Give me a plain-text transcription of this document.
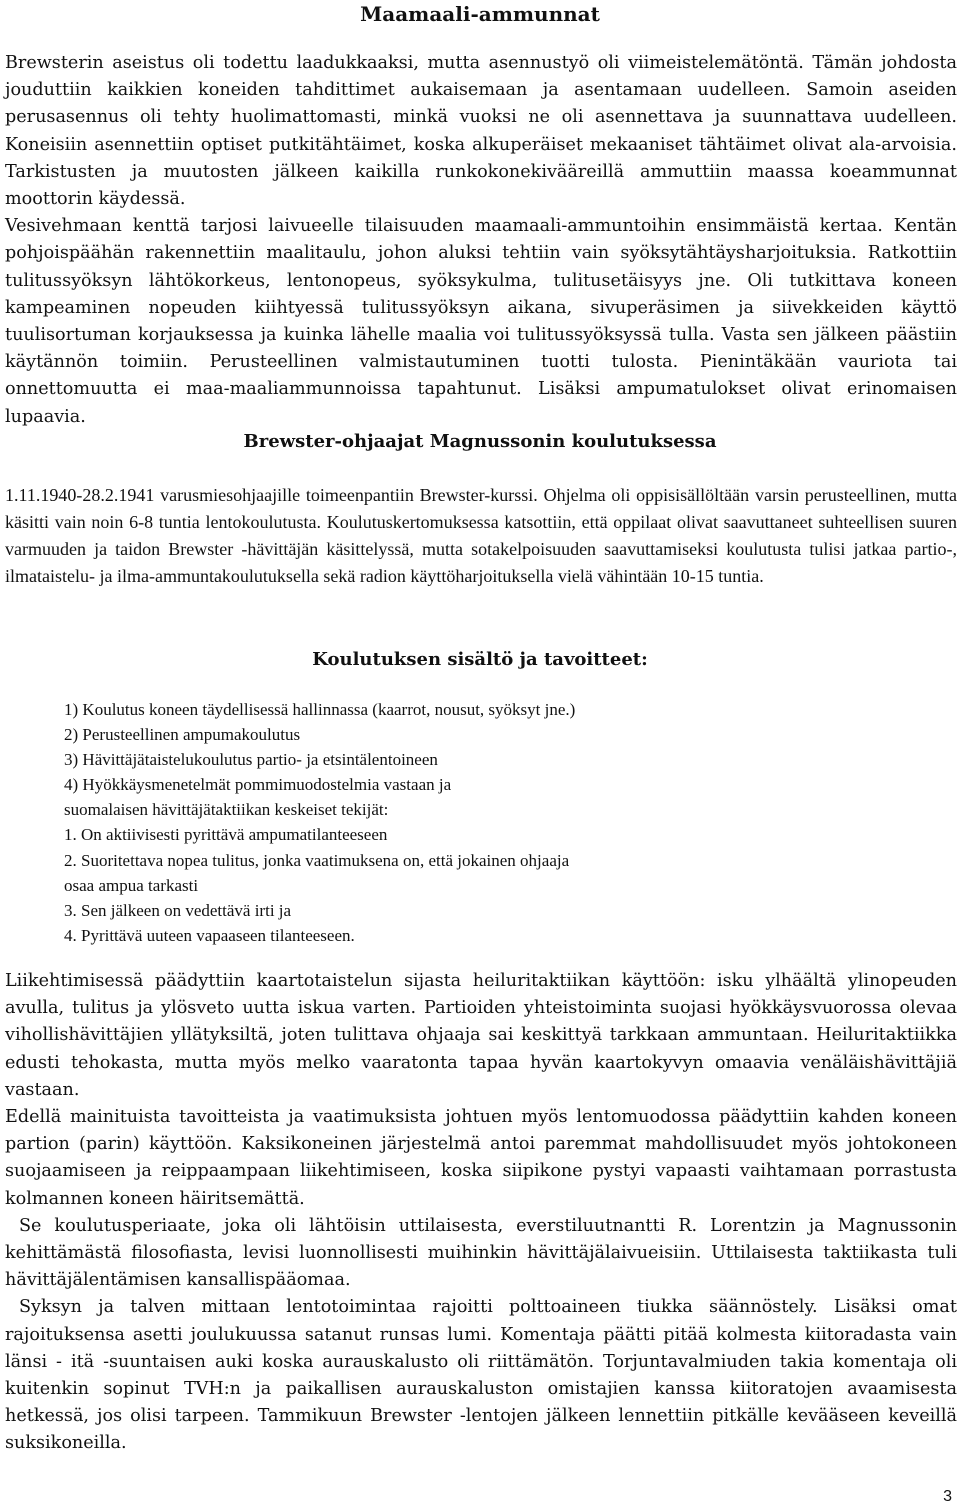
Maamaali-ammunnat

Brewsterin aseistus oli todettu laadukkaaksi, mutta asennustyö oli viimeistelemätöntä. Tämän johdosta jouduttiin kaikkien koneiden tahdittimet aukaisemaan ja asentamaan uudelleen. Samoin aseiden perusasennus oli tehty huolimattomasti, minkä vuoksi ne oli asennettava ja suunnattava uudelleen. Koneisiin asennettiin optiset putkitähtäimet, koska alkuperäiset mekaaniset tähtäimet olivat ala-arvoisia. Tarkistusten ja muutosten jälkeen kaikilla runkokonekivääreillä ammuttiin maassa koeammunnat moottorin käydessä.

Vesivehmaan kenttä tarjosi laivueelle tilaisuuden maamaali-ammuntoihin ensimmäistä kertaa. Kentän pohjoispäähän rakennettiin maalitaulu, johon aluksi tehtiin vain syöksytähtäysharjoituksia. Ratkottiin tulitussyöksyn lähtökorkeus, lentonopeus, syöksykulma, tulitusetäisyys jne. Oli tutkittava koneen kampeaminen nopeuden kiihtyessä tulitussyöksyn aikana, sivuperäsimen ja siivekkeiden käyttö tuulisortuman korjauksessa ja kuinka lähelle maalia voi tulitussyöksyssä tulla. Vasta sen jälkeen päästiin käytännön toimiin. Perusteellinen valmistautuminen tuotti tulosta. Pienintäkään vauriota tai onnettomuutta ei maa-maaliammunnoissa tapahtunut. Lisäksi ampumatulokset olivat erinomaisen lupaavia.

Brewster-ohjaajat Magnussonin koulutuksessa

1.11.1940-28.2.1941 varusmiesohjaajille toimeenpantiin Brewster-kurssi. Ohjelma oli oppisisällöltään varsin perusteellinen, mutta käsitti vain noin 6-8 tuntia lentokoulutusta. Koulutuskertomuksessa katsottiin, että oppilaat olivat saavuttaneet suhteellisen suuren varmuuden ja taidon Brewster -hävittäjän käsittelyssä, mutta sotakelpoisuuden saavuttamiseksi koulutusta tulisi jatkaa partio-, ilmataistelu- ja ilma-ammuntakoulutuksella sekä radion käyttöharjoituksella vielä vähintään 10-15 tuntia.

Koulutuksen sisältö ja tavoitteet:
1) Koulutus koneen täydellisessä hallinnassa (kaarrot, nousut, syöksyt jne.)
2) Perusteellinen ampumakoulutus
3) Hävittäjätaistelukoulutus partio- ja etsintälentoineen
4) Hyökkäysmenetelmät pommimuodostelmia vastaan ja
suomalaisen hävittäjätaktiikan keskeiset tekijät:
1. On aktiivisesti pyrittävä ampumatilanteeseen
2. Suoritettava nopea tulitus, jonka vaatimuksena on, että jokainen ohjaaja
osaa ampua tarkasti
3. Sen jälkeen on vedettävä irti ja
4. Pyrittävä uuteen vapaaseen tilanteeseen.

Liikehtimisessä päädyttiin kaartotaistelun sijasta heiluritaktiikan käyttöön: isku ylhäältä ylinopeuden avulla, tulitus ja ylösveto uutta iskua varten. Partioiden yhteistoiminta suojasi hyökkäysvuorossa olevaa vihollishävittäjien yllätyksiltä, joten tulittava ohjaaja sai keskittyä tarkkaan ammuntaan. Heiluritaktiikka edusti tehokasta, mutta myös melko vaaratonta tapaa hyvän kaartokyvyn omaavia venäläishävittäjiä vastaan.

Edellä mainituista tavoitteista ja vaatimuksista johtuen myös lentomuodossa päädyttiin kahden koneen partion (parin) käyttöön. Kaksikoneinen järjestelmä antoi paremmat mahdollisuudet myös johtokoneen suojaamiseen ja reippaampaan liikehtimiseen, koska siipikone pystyi vapaasti vaihtamaan porrastusta kolmannen koneen häiritsemättä.

Se koulutusperiaate, joka oli lähtöisin uttilaisesta, everstiluutnantti R. Lorentzin ja Magnussonin kehittämästä filosofiasta, levisi luonnollisesti muihinkin hävittäjälaivueisiin. Uttilaisesta taktiikasta tuli hävittäjälentämisen kansallispääomaa.

Syksyn ja talven mittaan lentotoimintaa rajoitti polttoaineen tiukka säännöstely. Lisäksi omat rajoituksensa asetti joulukuussa satanut runsas lumi. Komentaja päätti pitää kolmesta kiitoradasta vain länsi - itä -suuntaisen auki koska aurauskalusto oli riittämätön. Torjuntavalmiuden takia komentaja oli kuitenkin sopinut TVH:n ja paikallisen aurauskaluston omistajien kanssa kiitoratojen avaamisesta hetkessä, jos olisi tarpeen. Tammikuun Brewster -lentojen jälkeen lennettiin pitkälle kevääseen keveillä suksikoneilla.

3
